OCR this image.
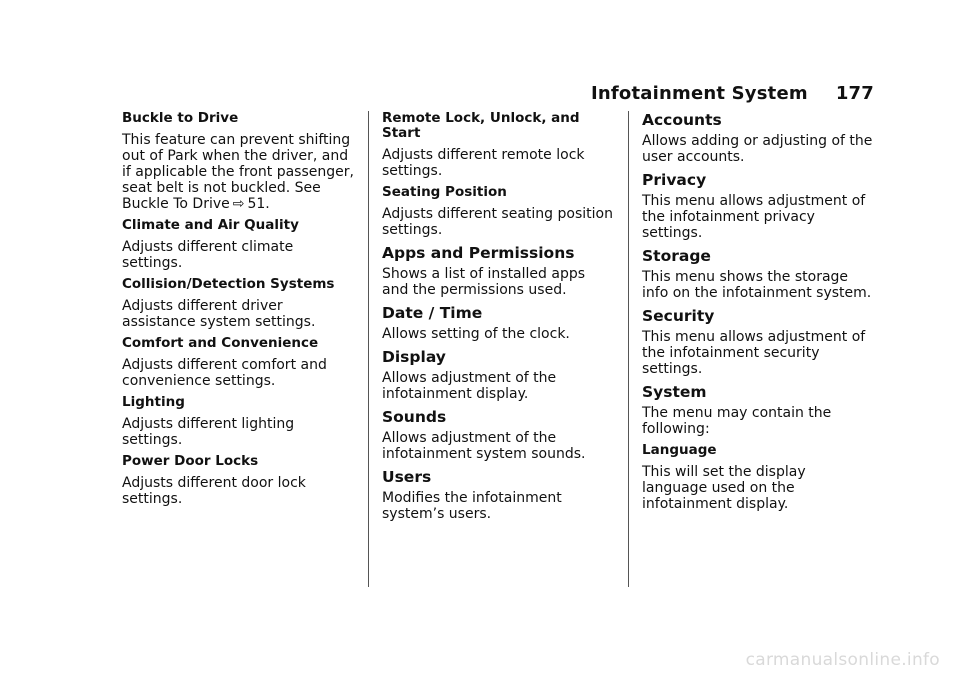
Infotainment System 177
Buckle to Drive
This feature can prevent shifting out of Park when the driver, and if applicable the front passenger, seat belt is not buckled. See Buckle To Drive ⇨ 51.
Climate and Air Quality
Adjusts different climate settings.
Collision/Detection Systems
Adjusts different driver assistance system settings.
Comfort and Convenience
Adjusts different comfort and convenience settings.
Lighting
Adjusts different lighting settings.
Power Door Locks
Adjusts different door lock settings.
Remote Lock, Unlock, and Start
Adjusts different remote lock settings.
Seating Position
Adjusts different seating position settings.
Apps and Permissions
Shows a list of installed apps and the permissions used.
Date / Time
Allows setting of the clock.
Display
Allows adjustment of the infotainment display.
Sounds
Allows adjustment of the infotainment system sounds.
Users
Modifies the infotainment system’s users.
Accounts
Allows adding or adjusting of the user accounts.
Privacy
This menu allows adjustment of the infotainment privacy settings.
Storage
This menu shows the storage info on the infotainment system.
Security
This menu allows adjustment of the infotainment security settings.
System
The menu may contain the following:
Language
This will set the display language used on the infotainment display.
carmanualsonline.info
